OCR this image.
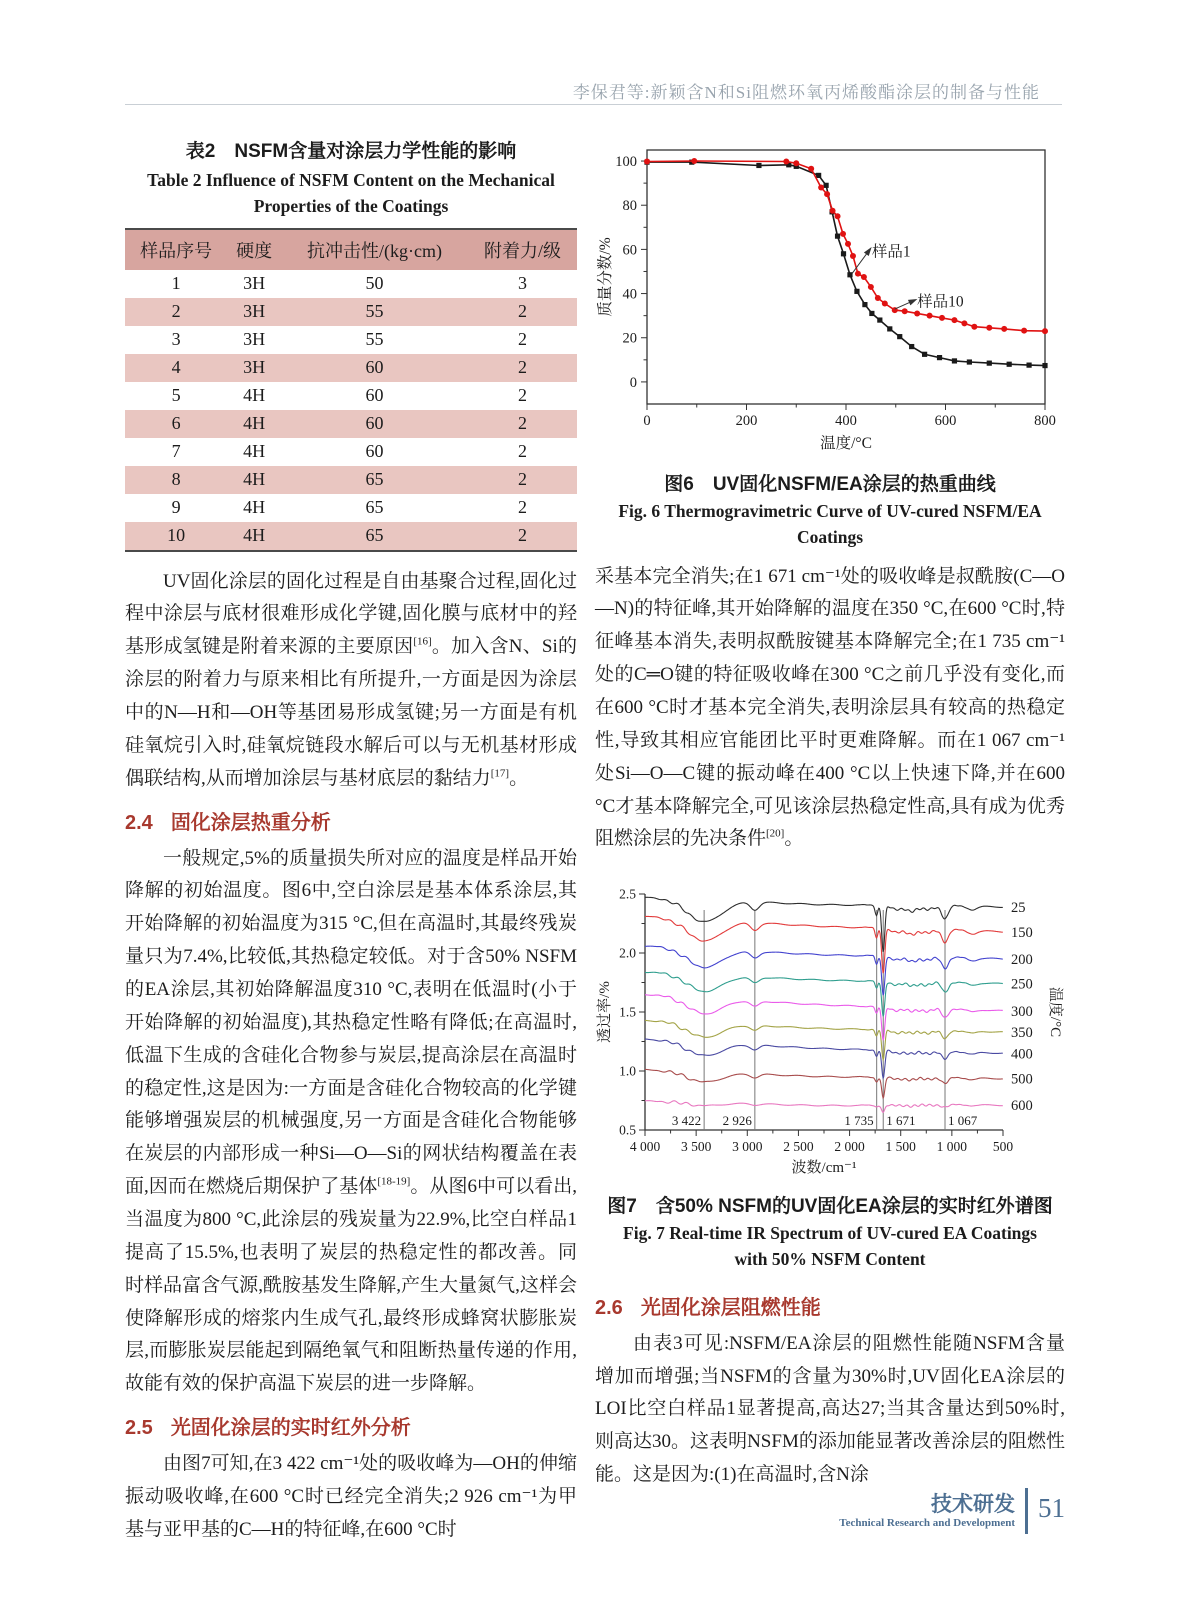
李保君等:新颖含N和Si阻燃环氧丙烯酸酯涂层的制备与性能
表2　NSFM含量对涂层力学性能的影响
Table 2 Influence of NSFM Content on the Mechanical Properties of the Coatings
样品序号	硬度	抗冲击性/(kg·cm)	附着力/级
1	3H	50	3
2	3H	55	2
3	3H	55	2
4	3H	60	2
5	4H	60	2
6	4H	60	2
7	4H	60	2
8	4H	65	2
9	4H	65	2
10	4H	65	2

UV固化涂层的固化过程是自由基聚合过程,固化过程中涂层与底材很难形成化学键,固化膜与底材中的羟基形成氢键是附着来源的主要原因[16]。加入含N、Si的涂层的附着力与原来相比有所提升,一方面是因为涂层中的N—H和—OH等基团易形成氢键;另一方面是有机硅氧烷引入时,硅氧烷链段水解后可以与无机基材形成偶联结构,从而增加涂层与基材底层的黏结力[17]。

2.4 固化涂层热重分析

一般规定,5%的质量损失所对应的温度是样品开始降解的初始温度。图6中,空白涂层是基本体系涂层,其开始降解的初始温度为315 °C,但在高温时,其最终残炭量只为7.4%,比较低,其热稳定较低。对于含50% NSFM的EA涂层,其初始降解温度310 °C,表明在低温时(小于开始降解的初始温度),其热稳定性略有降低;在高温时,低温下生成的含硅化合物参与炭层,提高涂层在高温时的稳定性,这是因为:一方面是含硅化合物较高的化学键能够增强炭层的机械强度,另一方面是含硅化合物能够在炭层的内部形成一种Si—O—Si的网状结构覆盖在表面,因而在燃烧后期保护了基体[18-19]。从图6中可以看出,当温度为800 °C,此涂层的残炭量为22.9%,比空白样品1提高了15.5%,也表明了炭层的热稳定性的都改善。同时样品富含气源,酰胺基发生降解,产生大量氮气,这样会使降解形成的熔浆内生成气孔,最终形成蜂窝状膨胀炭层,而膨胀炭层能起到隔绝氧气和阻断热量传递的作用,故能有效的保护高温下炭层的进一步降解。

2.5 光固化涂层的实时红外分析

由图7可知,在3 422 cm⁻¹处的吸收峰为—OH的伸缩振动吸收峰,在600 °C时已经完全消失;2 926 cm⁻¹为甲基与亚甲基的C—H的特征峰,在600 °C时

0	200	400	600	800
0
20
40
60
80
100
温度/°C
质量分数/%	样品1
样品10
图6　UV固化NSFM/EA涂层的热重曲线
Fig. 6 Thermogravimetric Curve of UV-cured NSFM/EA Coatings

采基本完全消失;在1 671 cm⁻¹处的吸收峰是叔酰胺(C—O—N)的特征峰,其开始降解的温度在350 °C,在600 °C时,特征峰基本消失,表明叔酰胺键基本降解完全;在1 735 cm⁻¹处的C═O键的特征吸收峰在300 °C之前几乎没有变化,而在600 °C时才基本完全消失,表明涂层具有较高的热稳定性,导致其相应官能团比平时更难降解。而在1 067 cm⁻¹处Si—O—C键的振动峰在400 °C以上快速下降,并在600 °C才基本降解完全,可见该涂层热稳定性高,具有成为优秀阻燃涂层的先决条件[20]。

500
1 000
1 500
2 000
2 500
3 000
3 500
4 000
0.5
1.0
1.5
2.0
2.5
波数/cm⁻¹
透过率/%	温度/°C
3 422 2 926	1 735 1 671	1 067
25
150
200
250
300
350
400
500
600
图7　含50% NSFM的UV固化EA涂层的实时红外谱图
Fig. 7 Real-time IR Spectrum of UV-cured EA Coatings with 50% NSFM Content
2.6 光固化涂层阻燃性能

由表3可见:NSFM/EA涂层的阻燃性能随NSFM含量增加而增强;当NSFM的含量为30%时,UV固化EA涂层的LOI比空白样品1显著提高,高达27;当其含量达到50%时,则高达30。这表明NSFM的添加能显著改善涂层的阻燃性能。这是因为:(1)在高温时,含N涂

技术研发
Technical Research and Development
51
